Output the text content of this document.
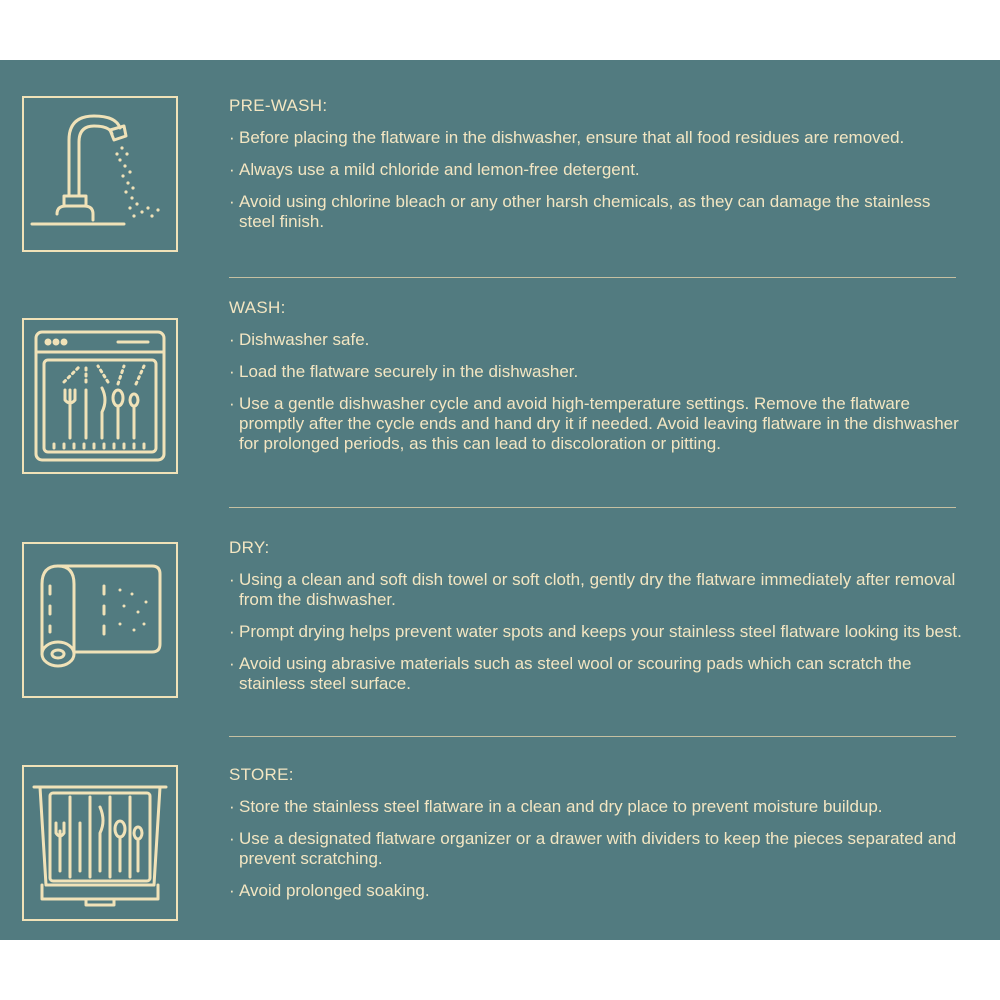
PRE-WASH:
· Before placing the flatware in the dishwasher, ensure that all food residues are removed.
· Always use a mild chloride and lemon-free detergent.
· Avoid using chlorine bleach or any other harsh chemicals, as they can damage the stainless steel finish.
WASH:
· Dishwasher safe.
· Load the flatware securely in the dishwasher.
· Use a gentle dishwasher cycle and avoid high-temperature settings. Remove the flatware promptly after the cycle ends and hand dry it if needed. Avoid leaving flatware in the dishwasher for prolonged periods, as this can lead to discoloration or pitting.
DRY:
· Using a clean and soft dish towel or soft cloth, gently dry the flatware immediately after removal from the dishwasher.
· Prompt drying helps prevent water spots and keeps your stainless steel flatware looking its best.
· Avoid using abrasive materials such as steel wool or scouring pads which can scratch the stainless steel surface.
STORE:
· Store the stainless steel flatware in a clean and dry place to prevent moisture buildup.
· Use a designated flatware organizer or a drawer with dividers to keep the pieces separated and prevent scratching.
· Avoid prolonged soaking.
